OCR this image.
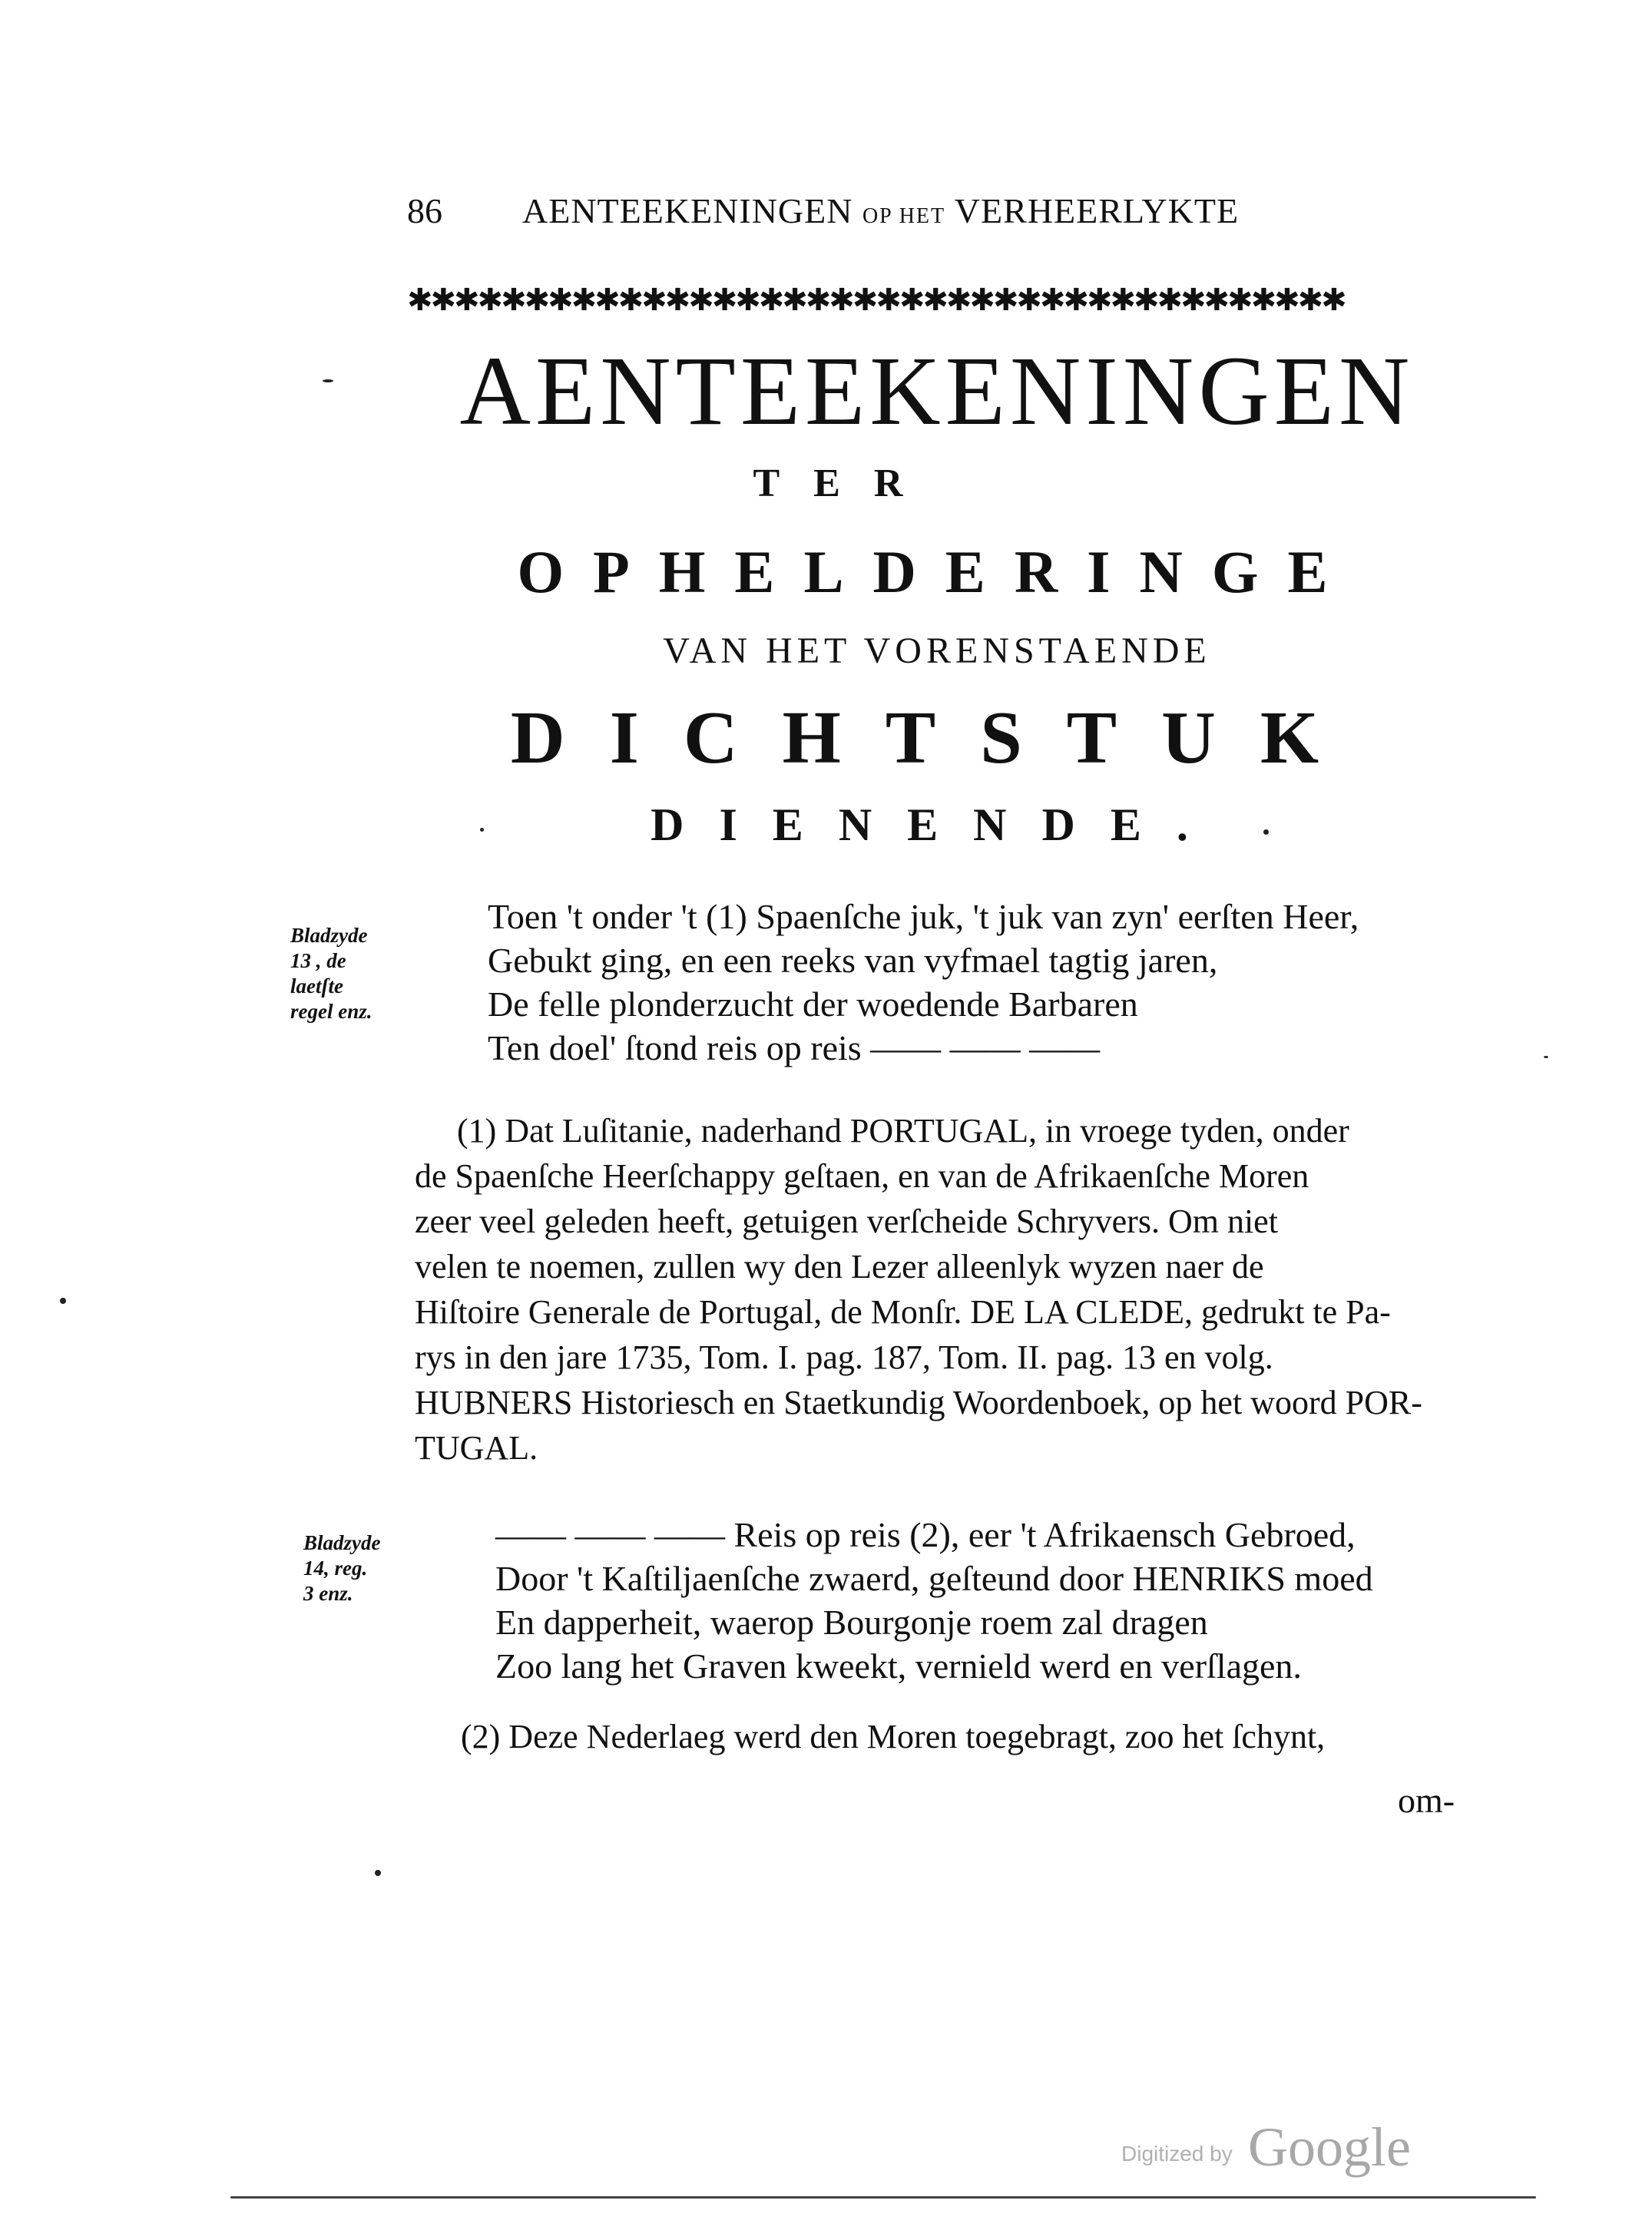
86 AENTEEKENINGEN OP HET VERHEERLYKTE
✱✱✱✱✱✱✱✱✱✱✱✱✱✱✱✱✱✱✱✱✱✱✱✱✱✱✱✱✱✱✱✱✱✱✱✱✱✱✱✱
AENTEEKENINGEN
TER
OPHELDERINGE
VAN HET VORENSTAENDE
DICHTSTUK
DIENENDE.
Bladzyde
13 , de
laetſte
regel enz.
Toen 't onder 't (1) Spaenſche juk, 't juk van zyn' eerſten Heer,
Gebukt ging, en een reeks van vyfmael tagtig jaren,
De felle plonderzucht der woedende Barbaren
Ten doel' ſtond reis op reis —— —— ——
(1) Dat Luſitanie, naderhand PORTUGAL, in vroege tyden, onder
de Spaenſche Heerſchappy geſtaen, en van de Afrikaenſche Moren
zeer veel geleden heeft, getuigen verſcheide Schryvers. Om niet
velen te noemen, zullen wy den Lezer alleenlyk wyzen naer de
Hiſtoire Generale de Portugal, de Monſr. DE LA CLEDE, gedrukt te Pa-
rys in den jare 1735, Tom. I. pag. 187, Tom. II. pag. 13 en volg.
HUBNERS Historiesch en Staetkundig Woordenboek, op het woord POR-
TUGAL.
Bladzyde
14, reg.
3 enz.
—— —— —— Reis op reis (2), eer 't Afrikaensch Gebroed,
Door 't Kaſtiljaenſche zwaerd, geſteund door HENRIKS moed
En dapperheit, waerop Bourgonje roem zal dragen
Zoo lang het Graven kweekt, vernield werd en verſlagen.
(2) Deze Nederlaeg werd den Moren toegebragt, zoo het ſchynt,
om-
Digitized by Google
